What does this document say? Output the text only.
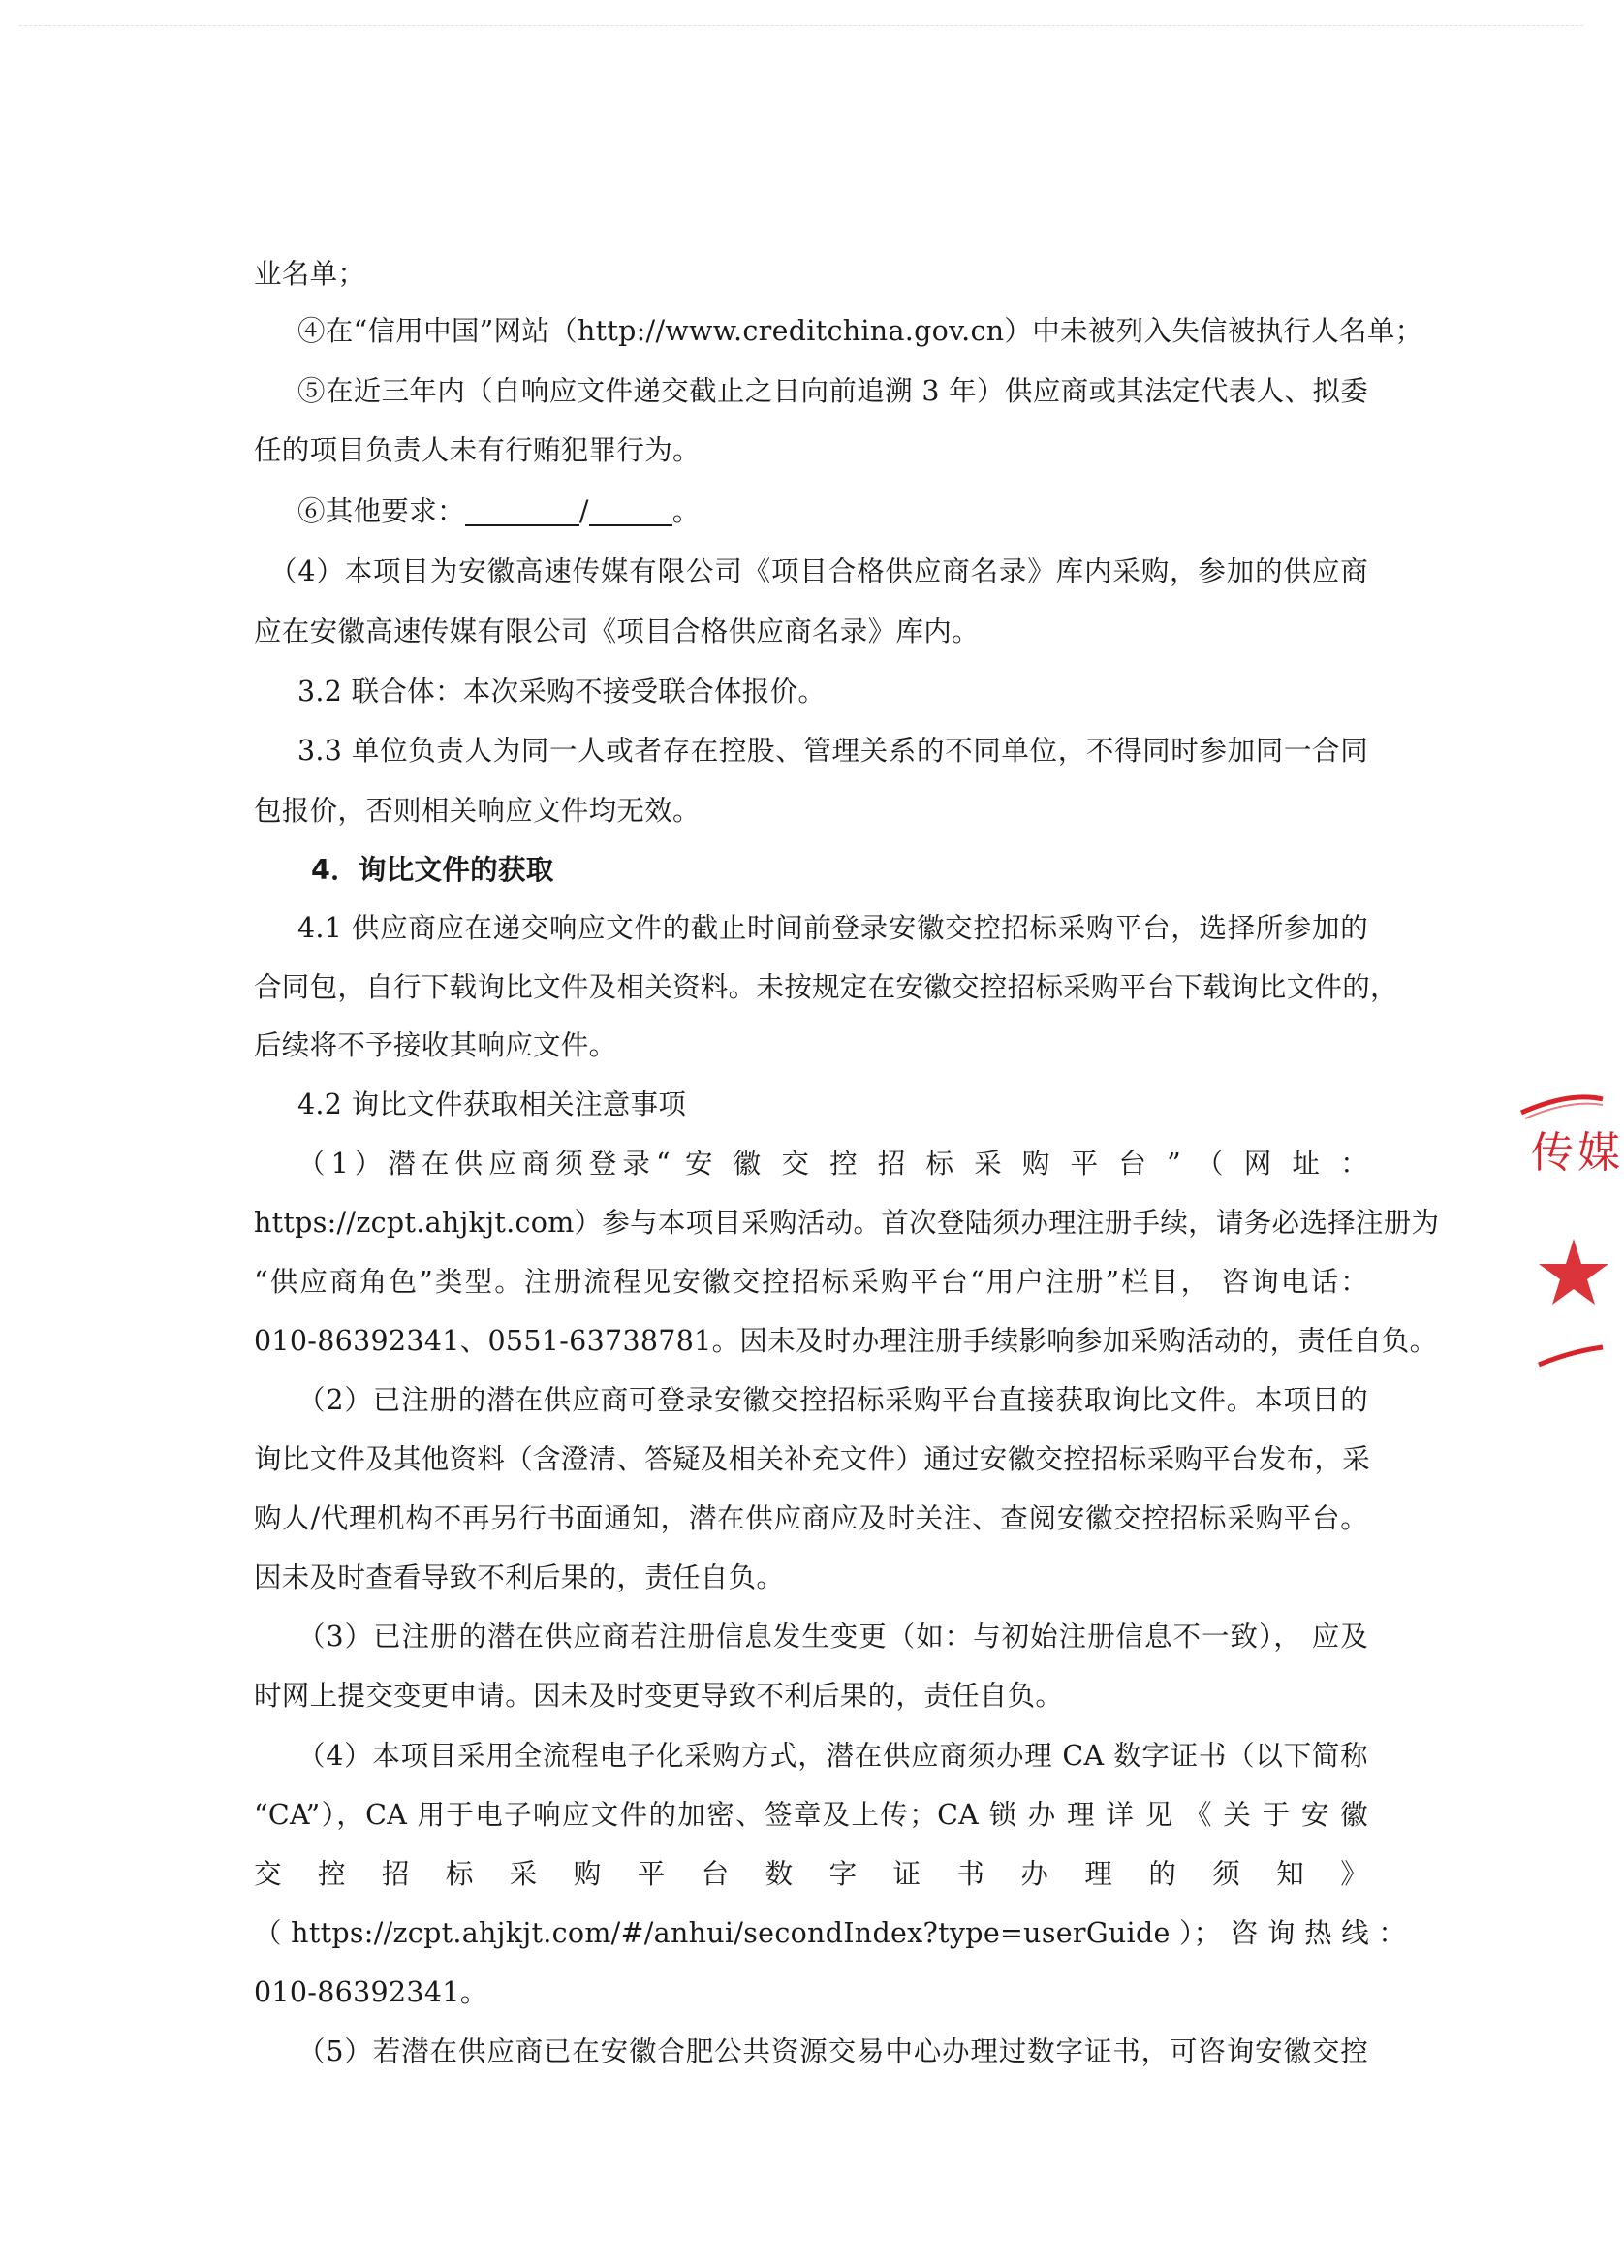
业名单；
④在“信用中国”网站（http://www.creditchina.gov.cn）中未被列入失信被执行人名单；
⑤在近三年内（自响应文件递交截止之日向前追溯 3 年）供应商或其法定代表人、拟委
任的项目负责人未有行贿犯罪行为。
⑥其他要求：	/	。
（4）本项目为安徽高速传媒有限公司《项目合格供应商名录》库内采购，参加的供应商
应在安徽高速传媒有限公司《项目合格供应商名录》库内。
3.2 联合体：本次采购不接受联合体报价。
3.3 单位负责人为同一人或者存在控股、管理关系的不同单位，不得同时参加同一合同
包报价，否则相关响应文件均无效。
4．询比文件的获取
4.1 供应商应在递交响应文件的截止时间前登录安徽交控招标采购平台，选择所参加的
合同包，自行下载询比文件及相关资料。未按规定在安徽交控招标采购平台下载询比文件的，
后续将不予接收其响应文件。
4.2 询比文件获取相关注意事项
（1）潜在供应商须登录“ 安 徽 交 控 招 标 采 购 平 台 ” （ 网 址 ：
https://zcpt.ahjkjt.com）参与本项目采购活动。首次登陆须办理注册手续，请务必选择注册为
“供应商角色”类型。注册流程见安徽交控招标采购平台“用户注册”栏目， 咨询电话：
010-86392341、0551-63738781。因未及时办理注册手续影响参加采购活动的，责任自负。
（2）已注册的潜在供应商可登录安徽交控招标采购平台直接获取询比文件。本项目的
询比文件及其他资料（含澄清、答疑及相关补充文件）通过安徽交控招标采购平台发布，采
购人/代理机构不再另行书面通知，潜在供应商应及时关注、查阅安徽交控招标采购平台。
因未及时查看导致不利后果的，责任自负。
（3）已注册的潜在供应商若注册信息发生变更（如：与初始注册信息不一致）， 应及
时网上提交变更申请。因未及时变更导致不利后果的，责任自负。
（4）本项目采用全流程电子化采购方式，潜在供应商须办理 CA 数字证书（以下简称
“CA”），CA 用于电子响应文件的加密、签章及上传；CA 锁 办 理 详 见 《 关 于 安 徽
交 控 招 标 采 购 平 台 数 字 证 书 办 理 的 须 知 》
（ https://zcpt.ahjkjt.com/#/anhui/secondIndex?type=userGuide ）； 咨 询 热 线 ：
010-86392341。
（5）若潜在供应商已在安徽合肥公共资源交易中心办理过数字证书，可咨询安徽交控
传媒
